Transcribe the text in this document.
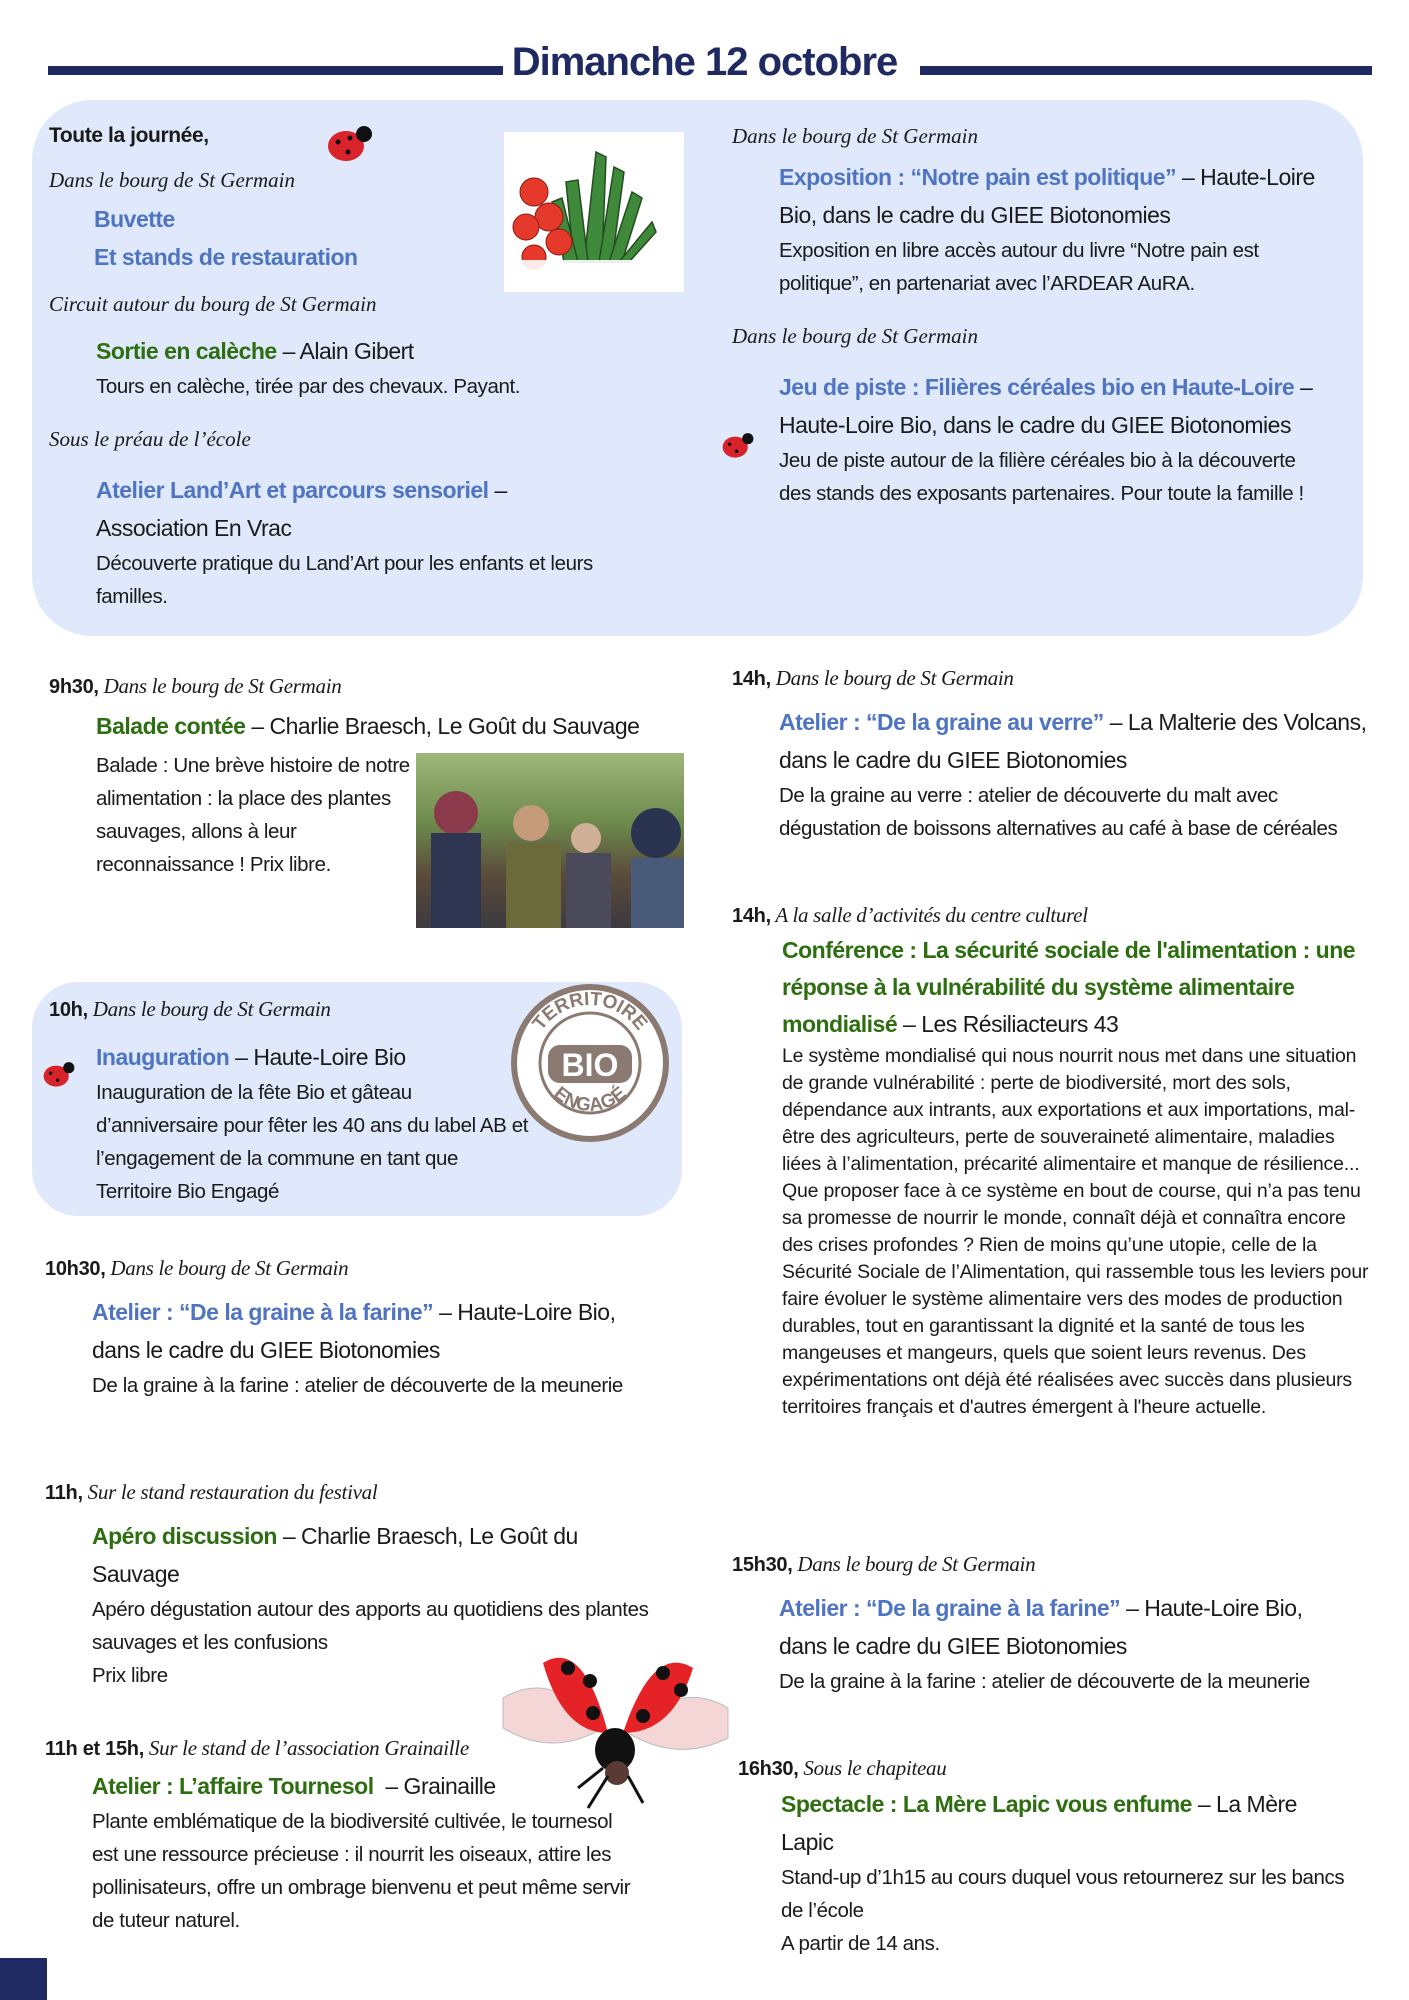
Dimanche 12 octobre
Toute la journée,
Dans le bourg de St Germain
Buvette
Et stands de restauration
Circuit autour du bourg de St Germain
Sortie en calèche – Alain Gibert
Tours en calèche, tirée par des chevaux. Payant.
Sous le préau de l’école
Atelier Land’Art et parcours sensoriel – Association En Vrac
Découverte pratique du Land’Art pour les enfants et leurs familles.
Dans le bourg de St Germain
Exposition : “Notre pain est politique” – Haute-Loire Bio, dans le cadre du GIEE Biotonomies
Exposition en libre accès autour du livre “Notre pain est politique”, en partenariat avec l’ARDEAR AuRA.
Dans le bourg de St Germain
Jeu de piste : Filières céréales bio en Haute-Loire – Haute-Loire Bio, dans le cadre du GIEE Biotonomies
Jeu de piste autour de la filière céréales bio à la découverte des stands des exposants partenaires. Pour toute la famille !
9h30, Dans le bourg de St Germain
Balade contée – Charlie Braesch, Le Goût du Sauvage
Balade : Une brève histoire de notre alimentation : la place des plantes sauvages, allons à leur reconnaissance ! Prix libre.
10h, Dans le bourg de St Germain
Inauguration – Haute-Loire Bio
Inauguration de la fête Bio et gâteau d’anniversaire pour fêter les 40 ans du label AB et l’engagement de la commune en tant que Territoire Bio Engagé
TERRITOIRE
ENGAGÉ
BIO
10h30, Dans le bourg de St Germain
Atelier : “De la graine à la farine” – Haute-Loire Bio, dans le cadre du GIEE Biotonomies
De la graine à la farine : atelier de découverte de la meunerie
11h, Sur le stand restauration du festival
Apéro discussion – Charlie Braesch, Le Goût du Sauvage
Apéro dégustation autour des apports au quotidiens des plantes sauvages et les confusions
Prix libre
11h et 15h, Sur le stand de l’association Grainaille
Atelier : L’affaire Tournesol  – Grainaille
Plante emblématique de la biodiversité cultivée, le tournesol est une ressource précieuse : il nourrit les oiseaux, attire les pollinisateurs, offre un ombrage bienvenu et peut même servir de tuteur naturel.
14h, Dans le bourg de St Germain
Atelier : “De la graine au verre” – La Malterie des Volcans, dans le cadre du GIEE Biotonomies
De la graine au verre : atelier de découverte du malt avec dégustation de boissons alternatives au café à base de céréales
14h, A la salle d’activités du centre culturel
Conférence : La sécurité sociale de l'alimentation : une réponse à la vulnérabilité du système alimentaire mondialisé – Les Résiliacteurs 43
Le système mondialisé qui nous nourrit nous met dans une situation de grande vulnérabilité : perte de biodiversité, mort des sols, dépendance aux intrants, aux exportations et aux importations, mal-être des agriculteurs, perte de souveraineté alimentaire, maladies liées à l’alimentation, précarité alimentaire et manque de résilience... Que proposer face à ce système en bout de course, qui n’a pas tenu sa promesse de nourrir le monde, connaît déjà et connaîtra encore des crises profondes ? Rien de moins qu’une utopie, celle de la Sécurité Sociale de l’Alimentation, qui rassemble tous les leviers pour faire évoluer le système alimentaire vers des modes de production durables, tout en garantissant la dignité et la santé de tous les mangeuses et mangeurs, quels que soient leurs revenus. Des expérimentations ont déjà été réalisées avec succès dans plusieurs territoires français et d'autres émergent à l'heure actuelle.
15h30, Dans le bourg de St Germain
Atelier : “De la graine à la farine” – Haute-Loire Bio, dans le cadre du GIEE Biotonomies
De la graine à la farine : atelier de découverte de la meunerie
16h30, Sous le chapiteau
Spectacle : La Mère Lapic vous enfume – La Mère Lapic
Stand-up d’1h15 au cours duquel vous retournerez sur les bancs de l’école
A partir de 14 ans.
